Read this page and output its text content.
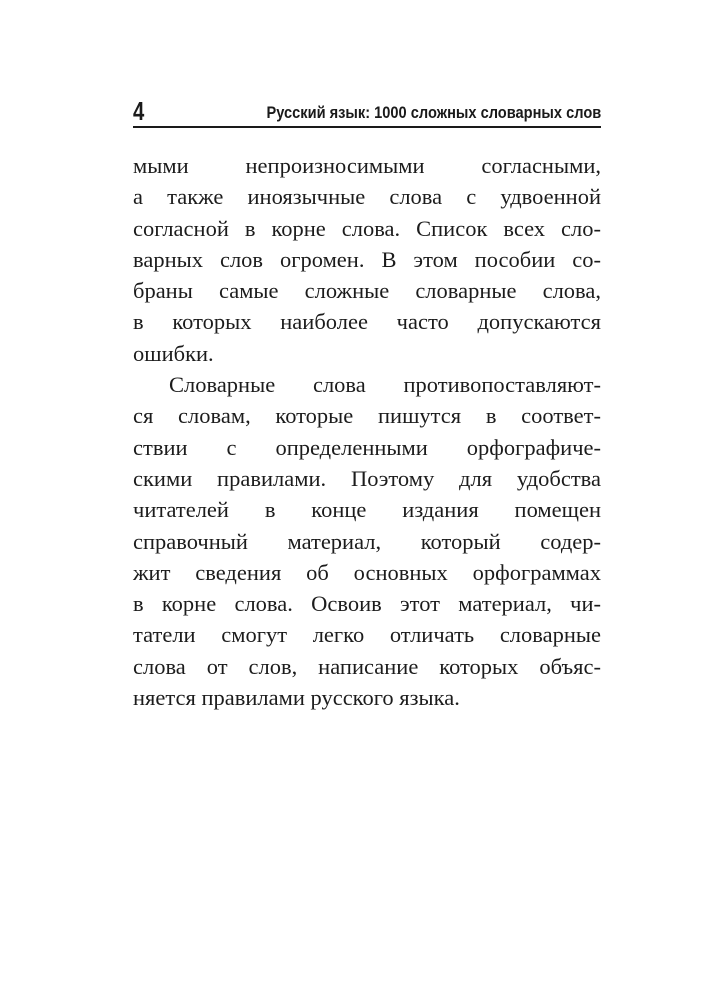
4	Русский язык: 1000 сложных словарных слов
мыми непроизносимыми согласными,
а также иноязычные слова с удвоенной
согласной в корне слова. Список всех сло-
варных слов огромен. В этом пособии со-
браны самые сложные словарные слова,
в которых наиболее часто допускаются
ошибки.
Словарные слова противопоставляют-
ся словам, которые пишутся в соответ-
ствии с определенными орфографиче-
скими правилами. Поэтому для удобства
читателей в конце издания помещен
справочный материал, который содер-
жит сведения об основных орфограммах
в корне слова. Освоив этот материал, чи-
татели смогут легко отличать словарные
слова от слов, написание которых объяс-
няется правилами русского языка.
